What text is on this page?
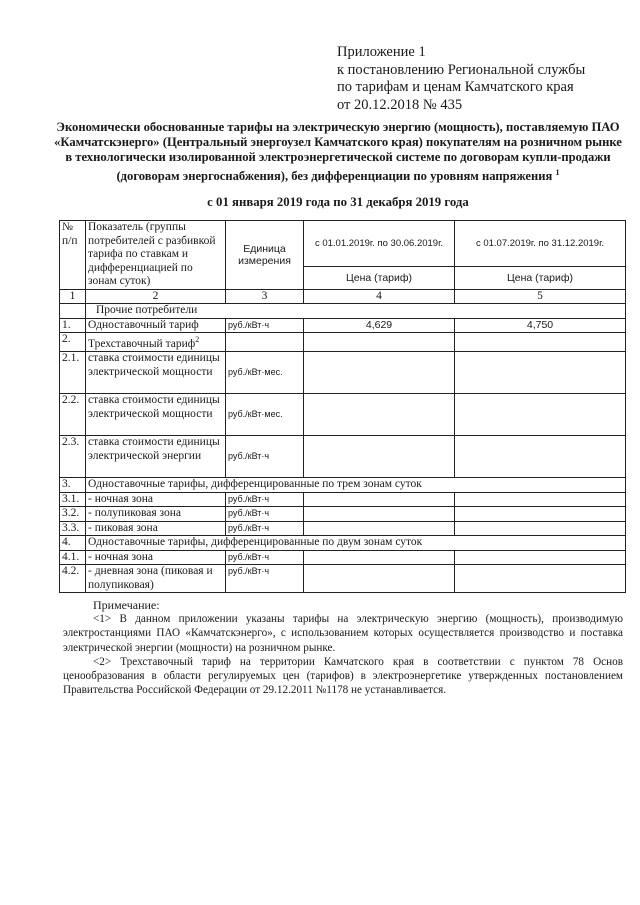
Приложение 1
к постановлению Региональной службы
по тарифам и ценам Камчатского края
от 20.12.2018 № 435
Экономически обоснованные тарифы на электрическую энергию (мощность), поставляемую ПАО «Камчатскэнерго» (Центральный энергоузел Камчатского края) покупателям на розничном рынке в технологически изолированной электроэнергетической системе по договорам купли-продажи (договорам энергоснабжения), без дифференциации по уровням напряжения $^1$
с 01 января 2019 года по 31 декабря 2019 года
№ п/п	Показатель (группы потребителей с разбивкой тарифа по ставкам и дифференциацией по зонам суток)	Единица измерения	с 01.01.2019г. по 30.06.2019г.	с 01.07.2019г. по 31.12.2019г.
			Цена (тариф)	Цена (тариф)
1	2	3	4	5
	Прочие потребители			
1.	Одноставочный тариф	руб./кВт·ч	4,629	4,750
2.	Трехставочный тариф$^2$			
2.1.	ставка стоимости единицы электрической мощности	руб./кВт·мес.		
2.2.	ставка стоимости единицы электрической мощности	руб./кВт·мес.		
2.3.	ставка стоимости единицы электрической энергии	руб./кВт·ч		
3.	Одноставочные тарифы, дифференцированные по трем зонам суток			
3.1.	- ночная зона	руб./кВт·ч		
3.2.	- полупиковая зона	руб./кВт·ч		
3.3.	- пиковая зона	руб./кВт·ч		
4.	Одноставочные тарифы, дифференцированные по двум зонам суток			
4.1.	- ночная зона	руб./кВт·ч		
4.2.	- дневная зона (пиковая и полупиковая)	руб./кВт·ч		
Примечание:

<1> В данном приложении указаны тарифы на электрическую энергию (мощность), производимую электростанциями ПАО «Камчатскэнерго», с использованием которых осуществляется производство и поставка электрической энергии (мощности) на розничном рынке.

<2> Трехставочный тариф на территории Камчатского края в соответствии с пунктом 78 Основ ценообразования в области регулируемых цен (тарифов) в электроэнергетике утвержденных постановлением Правительства Российской Федерации от 29.12.2011 №1178 не устанавливается.
